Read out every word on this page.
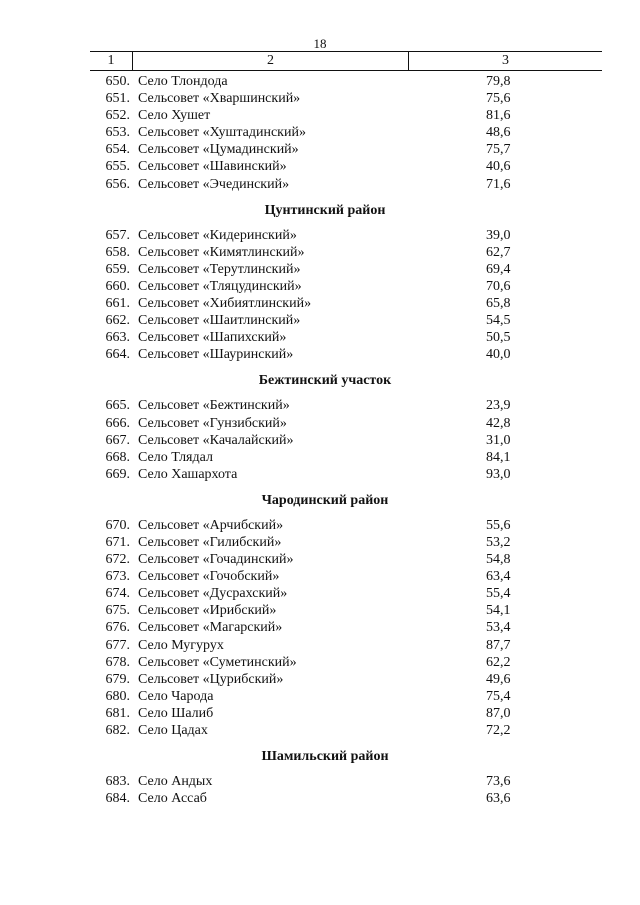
18
1	2	3
650. Село Тлондода	79,8
651. Сельсовет «Хваршинский»	75,6
652. Село Хушет	81,6
653. Сельсовет «Хуштадинский»	48,6
654. Сельсовет «Цумадинский»	75,7
655. Сельсовет «Шавинский»	40,6
656. Сельсовет «Эчединский»	71,6
Цунтинский район
657. Сельсовет «Кидеринский»	39,0
658. Сельсовет «Кимятлинский»	62,7
659. Сельсовет «Терутлинский»	69,4
660. Сельсовет «Тляцудинский»	70,6
661. Сельсовет «Хибиятлинский»	65,8
662. Сельсовет «Шаитлинский»	54,5
663. Сельсовет «Шапихский»	50,5
664. Сельсовет «Шауринский»	40,0
Бежтинский участок
665. Сельсовет «Бежтинский»	23,9
666. Сельсовет «Гунзибский»	42,8
667. Сельсовет «Качалайский»	31,0
668. Село Тлядал	84,1
669. Село Хашархота	93,0
Чародинский район
670. Сельсовет «Арчибский»	55,6
671. Сельсовет «Гилибский»	53,2
672. Сельсовет «Гочадинский»	54,8
673. Сельсовет «Гочобский»	63,4
674. Сельсовет «Дусрахский»	55,4
675. Сельсовет «Ирибский»	54,1
676. Сельсовет «Магарский»	53,4
677. Село Мугурух	87,7
678. Сельсовет «Суметинский»	62,2
679. Сельсовет «Цурибский»	49,6
680. Село Чарода	75,4
681. Село Шалиб	87,0
682. Село Цадах	72,2
Шамильский район
683. Село Андых	73,6
684. Село Ассаб	63,6
